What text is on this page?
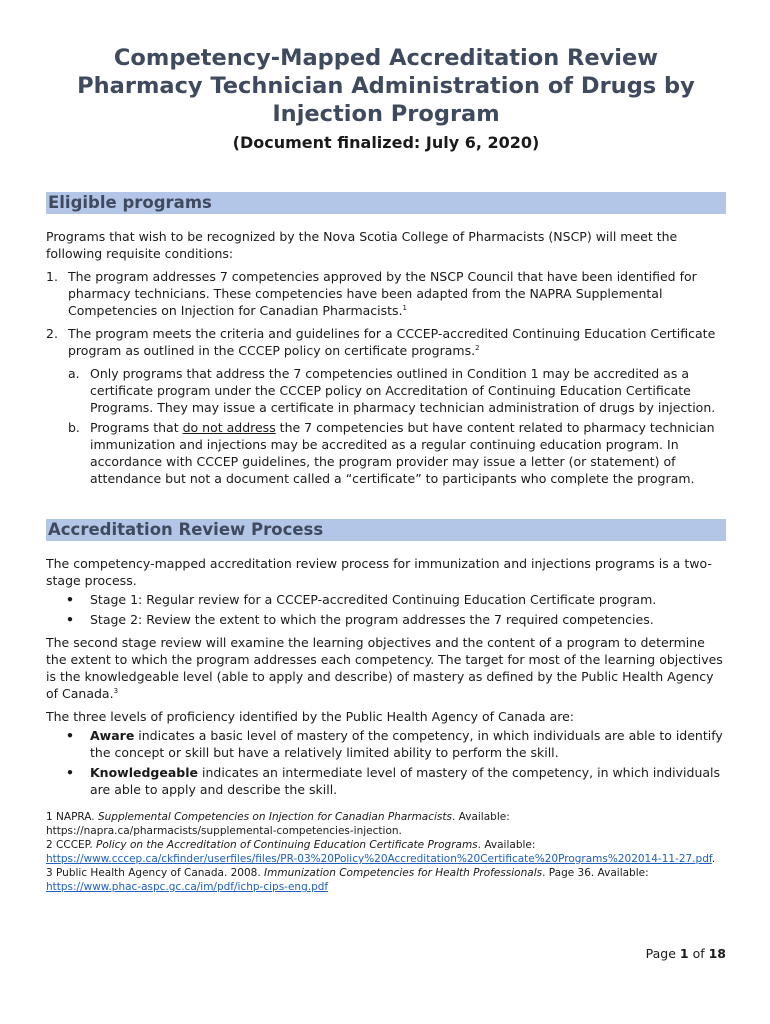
Competency-Mapped Accreditation Review

Pharmacy Technician Administration of Drugs by

Injection Program

(Document finalized: July 6, 2020)

Eligible programs

Programs that wish to be recognized by the Nova Scotia College of Pharmacists (NSCP) will meet the following requisite conditions:

1. The program addresses 7 competencies approved by the NSCP Council that have been identified for pharmacy technicians. These competencies have been adapted from the NAPRA Supplemental Competencies on Injection for Canadian Pharmacists.$^1$
2. The program meets the criteria and guidelines for a CCCEP-accredited Continuing Education Certificate program as outlined in the CCCEP policy on certificate programs.$^2$
a. Only programs that address the 7 competencies outlined in Condition 1 may be accredited as a certificate program under the CCCEP policy on Accreditation of Continuing Education Certificate Programs. They may issue a certificate in pharmacy technician administration of drugs by injection.
b. Programs that do not address the 7 competencies but have content related to pharmacy technician immunization and injections may be accredited as a regular continuing education program. In accordance with CCCEP guidelines, the program provider may issue a letter (or statement) of attendance but not a document called a “certificate” to participants who complete the program.
Accreditation Review Process

The competency-mapped accreditation review process for immunization and injections programs is a two-stage process.

• Stage 1: Regular review for a CCCEP-accredited Continuing Education Certificate program.
• Stage 2: Review the extent to which the program addresses the 7 required competencies.

The second stage review will examine the learning objectives and the content of a program to determine the extent to which the program addresses each competency. The target for most of the learning objectives is the knowledgeable level (able to apply and describe) of mastery as defined by the Public Health Agency of Canada.$^3$

The three levels of proficiency identified by the Public Health Agency of Canada are:

• Aware indicates a basic level of mastery of the competency, in which individuals are able to identify the concept or skill but have a relatively limited ability to perform the skill.
• Knowledgeable indicates an intermediate level of mastery of the competency, in which individuals are able to apply and describe the skill.

1 NAPRA. Supplemental Competencies on Injection for Canadian Pharmacists. Available: https://napra.ca/pharmacists/supplemental-competencies-injection.

2 CCCEP. Policy on the Accreditation of Continuing Education Certificate Programs. Available:
https://www.cccep.ca/ckfinder/userfiles/files/PR-03%20Policy%20Accreditation%20Certificate%20Programs%202014-11-27.pdf.

3 Public Health Agency of Canada. 2008. Immunization Competencies for Health Professionals. Page 36. Available:
https://www.phac-aspc.gc.ca/im/pdf/ichp-cips-eng.pdf

Page 1 of 18
